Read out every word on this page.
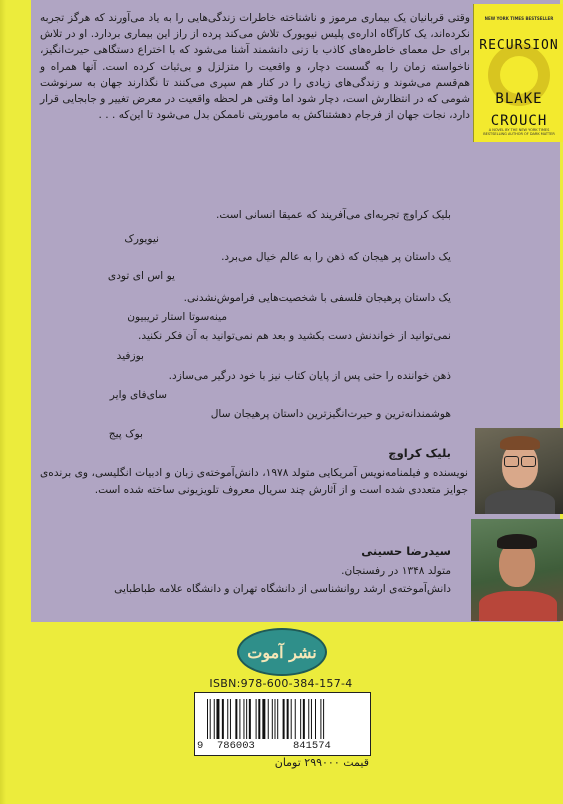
NEW YORK TIMES BESTSELLER
RECURSION
BLAKE
CROUCH
A NOVEL BY THE NEW YORK TIMES BESTSELLING AUTHOR OF DARK MATTER
وقتی قربانیان یک بیماری مرموز و ناشناخته خاطرات زندگی‌هایی را به یاد می‌آورند که هرگز تجربه نکرده‌اند، یک کارآگاه اداره‌ی پلیس نیویورک تلاش می‌کند پرده از راز این بیماری بردارد. او در تلاش برای حل معمای خاطره‌های کاذب با زنی دانشمند آشنا می‌شود که با اختراع دستگاهی حیرت‌انگیز، ناخواسته زمان را به گسست دچار، و واقعیت را متزلزل و بی‌ثبات کرده است. آنها همراه و هم‌قسم می‌شوند و زندگی‌های زیادی را در کنار هم سپری می‌کنند تا نگذارند جهان به سرنوشت شومی که در انتظارش است، دچار شود اما وقتی هر لحظه واقعیت در معرض تغییر و جابجایی قرار دارد، نجات جهان از فرجام دهشتناکش به ماموریتی ناممکن بدل می‌شود تا این‌که . . .
بلیک کراوچ تجربه‌ای می‌آفریند که عمیقا انسانی است.
نیویورک
یک داستان پر هیجان که ذهن را به عالم خیال می‌برد.
یو اس ای تودی
یک داستان پرهیجان فلسفی با شخصیت‌هایی فراموش‌نشدنی.
مینه‌سوتا استار تریبیون
نمی‌توانید از خواندنش دست بکشید و بعد هم نمی‌توانید به آن فکر نکنید.
بوزفید
ذهن خواننده را حتی پس از پایان کتاب نیز با خود درگیر می‌سازد.
سای‌فای وایر
هوشمندانه‌ترین و حیرت‌انگیزترین داستان پرهیجان سال
بوک پیج
بلیک کراوچ
نویسنده و فیلمنامه‌نویس آمریکایی متولد ۱۹۷۸، دانش‌آموخته‌ی زبان و ادبیات انگلیسی، وی برنده‌ی جوایز متعددی شده است و از آثارش چند سریال معروف تلویزیونی ساخته شده است.
سیدرضا حسینی
متولد ۱۳۴۸ در رفسنجان.
دانش‌آموخته‌ی ارشد روانشناسی از دانشگاه تهران و دانشگاه علامه طباطبایی
نشر آموت
ISBN:978-600-384-157-4
9 786003	841574
قیمت ۲۹۹۰۰۰ تومان
